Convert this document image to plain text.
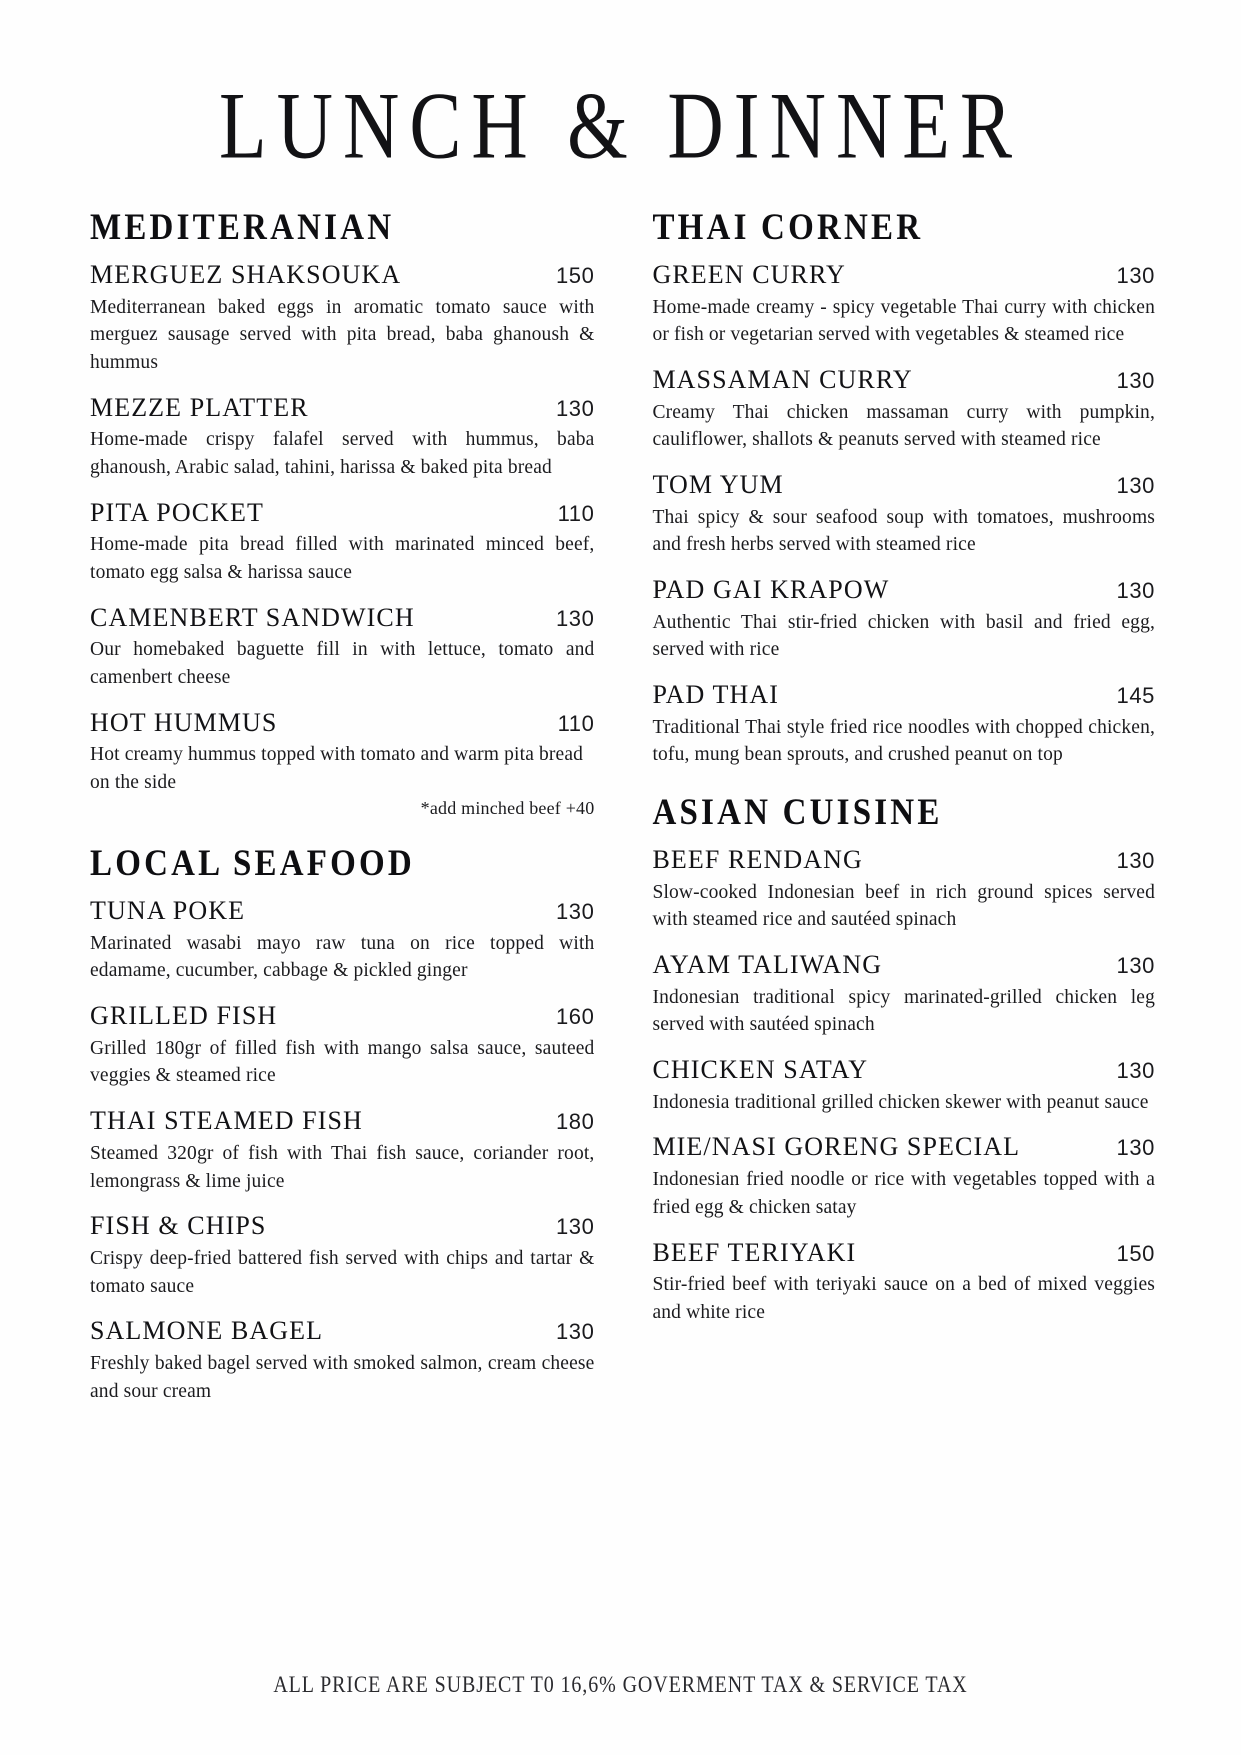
LUNCH & DINNER
MEDITERANIAN
MERGUEZ SHAKSOUKA	150

Mediterranean baked eggs in aromatic tomato sauce with merguez sausage served with pita bread, baba ghanoush & hummus

MEZZE PLATTER	130

Home-made crispy falafel served with hummus, baba ghanoush, Arabic salad, tahini, harissa & baked pita bread

PITA POCKET	110

Home-made pita bread filled with marinated minced beef, tomato egg salsa & harissa sauce

CAMENBERT SANDWICH	130

Our homebaked baguette fill in with lettuce, tomato and camenbert cheese

HOT HUMMUS	110

Hot creamy hummus topped with tomato and warm pita bread on the side

*add minched beef +40

LOCAL SEAFOOD
TUNA POKE	130

Marinated wasabi mayo raw tuna on rice topped with edamame, cucumber, cabbage & pickled ginger

GRILLED FISH	160

Grilled 180gr of filled fish with mango salsa sauce, sauteed veggies & steamed rice

THAI STEAMED FISH	180

Steamed 320gr of fish with Thai fish sauce, coriander root, lemongrass & lime juice

FISH & CHIPS	130

Crispy deep-fried battered fish served with chips and tartar & tomato sauce

SALMONE BAGEL	130

Freshly baked bagel served with smoked salmon, cream cheese and sour cream

THAI CORNER
GREEN CURRY	130

Home-made creamy - spicy vegetable Thai curry with chicken or fish or vegetarian served with vegetables & steamed rice

MASSAMAN CURRY	130

Creamy Thai chicken massaman curry with pumpkin, cauliflower, shallots & peanuts served with steamed rice

TOM YUM	130

Thai spicy & sour seafood soup with tomatoes, mushrooms and fresh herbs served with steamed rice

PAD GAI KRAPOW	130

Authentic Thai stir-fried chicken with basil and fried egg, served with rice

PAD THAI	145

Traditional Thai style fried rice noodles with chopped chicken, tofu, mung bean sprouts, and crushed peanut on top

ASIAN CUISINE
BEEF RENDANG	130

Slow-cooked Indonesian beef in rich ground spices served with steamed rice and sautéed spinach

AYAM TALIWANG	130

Indonesian traditional spicy marinated-grilled chicken leg served with sautéed spinach

CHICKEN SATAY	130

Indonesia traditional grilled chicken skewer with peanut sauce

MIE/NASI GORENG SPECIAL	130

Indonesian fried noodle or rice with vegetables topped with a fried egg & chicken satay

BEEF TERIYAKI	150

Stir-fried beef with teriyaki sauce on a bed of mixed veggies and white rice

ALL PRICE ARE SUBJECT T0 16,6% GOVERMENT TAX & SERVICE TAX
